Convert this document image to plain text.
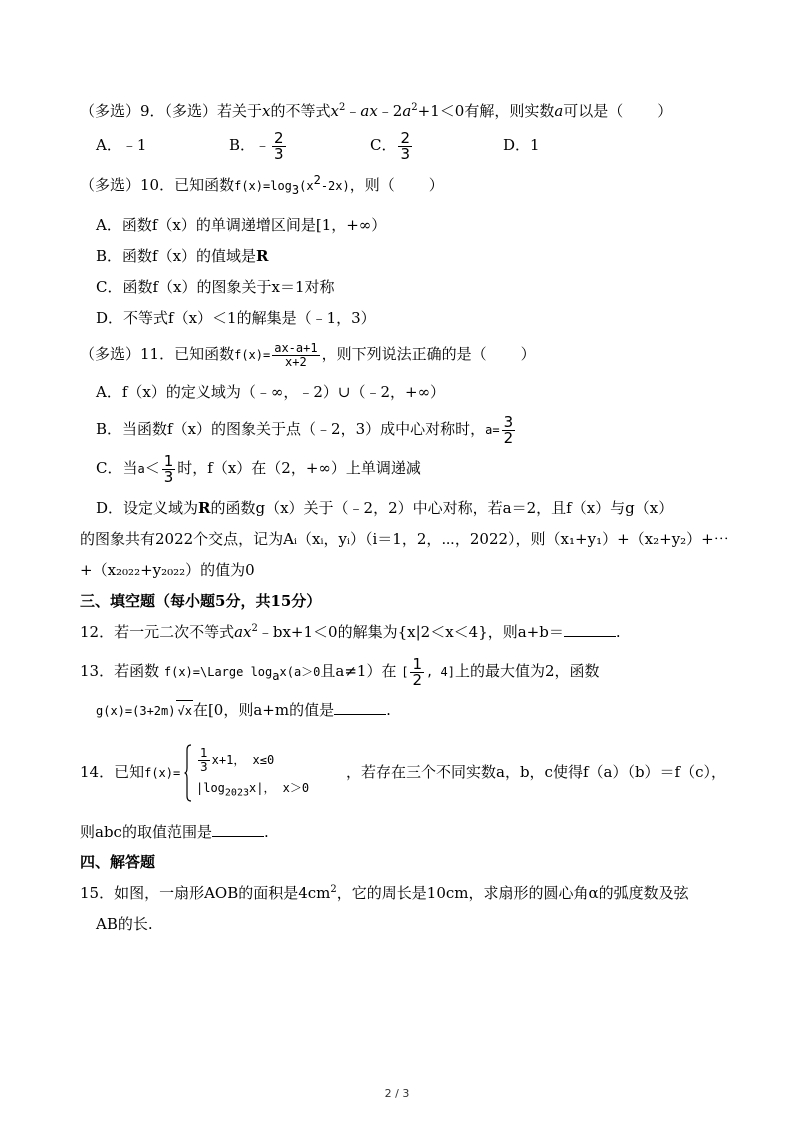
（多选）9．（多选）若关于x的不等式$x^2﹣ax﹣2a^2+1<0$有解，则实数a可以是（ ）
A．﹣1	B．﹣ $\frac{2}{3}$	C． $\frac{2}{3}$	D．1
（多选）10．已知函数$f(x)=\log_3(x^2-2x)$，则（ ）
A．函数f（x）的单调递增区间是[1，+∞）
B．函数f（x）的值域是R
C．函数f（x）的图象关于x＝1对称
D．不等式f（x）＜1的解集是（﹣1，3）
（多选）11．已知函数$f(x)= \frac{ax-a+1}{x+2}$ ，则下列说法正确的是（ ）
A．f（x）的定义域为（﹣∞，﹣2）∪（﹣2，+∞）
B．当函数f（x）的图象关于点（﹣2，3）成中心对称时，$a= \frac{3}{2}$
C．当$a< \frac{1}{3}$ 时，f（x）在（2，+∞）上单调递减
D．设定义域为R的函数g（x）关于（﹣2，2）中心对称，若a＝2，且f（x）与g（x）
的图象共有2022个交点，记为Aᵢ（xᵢ，yᵢ）（i＝1，2，⋯，2022），则（x₁+y₁）+（x₂+y₂）+⋯
+（x₂₀₂₂+y₂₀₂₂）的值为0
三、填空题（每小题5分，共15分）
12．若一元二次不等式$ax^2﹣bx+1<0$的解集为{x|2＜x＜4}，则a+b＝	.
13．若函数 f(x)=\Large $\log_ax(a>0$且a≠1）在 [ $\frac{1}{2}$ , 4]上的最大值为2，函数
g(x)=(3+2m) √x在[0，则a+m的值是	.
14．已知$f(x)= \frac{1}{3} x+1$， x≤0
$|\log_{2023}x|$， x＞0
，若存在三个不同实数a，b，c使得f（a）（b）＝f（c），
则abc的取值范围是	.
四、解答题
15．如图，一扇形AOB的面积是$4cm^2$，它的周长是10cm，求扇形的圆心角α的弧度数及弦
AB的长.
2 / 3
